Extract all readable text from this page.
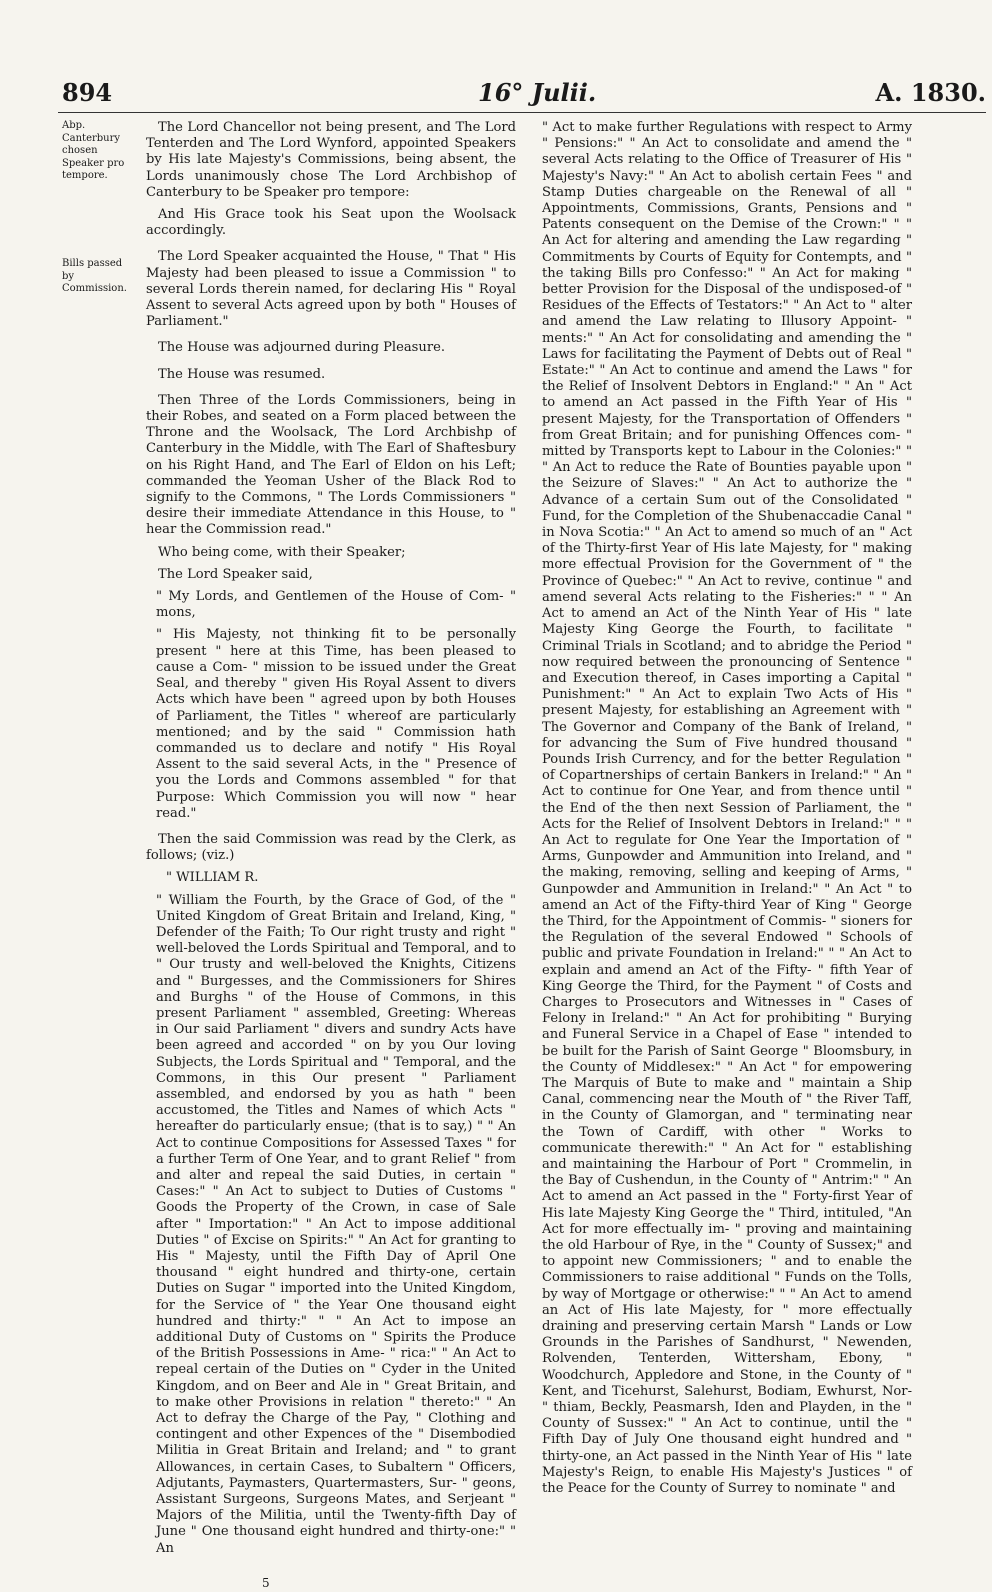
894	16° Julii.	A. 1830.
Abp. Canterbury chosen Speaker pro tempore.
Bills passed by Commission.

The Lord Chancellor not being present, and The Lord Tenterden and The Lord Wynford, appointed Speakers by His late Majesty's Commissions, being absent, the Lords unanimously chose The Lord Archbishop of Canterbury to be Speaker pro tempore:

And His Grace took his Seat upon the Woolsack accordingly.

The Lord Speaker acquainted the House, " That " His Majesty had been pleased to issue a Commission " to several Lords therein named, for declaring His " Royal Assent to several Acts agreed upon by both " Houses of Parliament."

The House was adjourned during Pleasure.

The House was resumed.

Then Three of the Lords Commissioners, being in their Robes, and seated on a Form placed between the Throne and the Woolsack, The Lord Archbishp of Canterbury in the Middle, with The Earl of Shaftesbury on his Right Hand, and The Earl of Eldon on his Left; commanded the Yeoman Usher of the Black Rod to signify to the Commons, " The Lords Commissioners " desire their immediate Attendance in this House, to " hear the Commission read."

Who being come, with their Speaker;

The Lord Speaker said,

" My Lords, and Gentlemen of the House of Com- " mons,

" His Majesty, not thinking fit to be personally present " here at this Time, has been pleased to cause a Com- " mission to be issued under the Great Seal, and thereby " given His Royal Assent to divers Acts which have been " agreed upon by both Houses of Parliament, the Titles " whereof are particularly mentioned; and by the said " Commission hath commanded us to declare and notify " His Royal Assent to the said several Acts, in the " Presence of you the Lords and Commons assembled " for that Purpose: Which Commission you will now " hear read."

Then the said Commission was read by the Clerk, as follows; (viz.)

" WILLIAM R.

" William the Fourth, by the Grace of God, of the " United Kingdom of Great Britain and Ireland, King, " Defender of the Faith; To Our right trusty and right " well-beloved the Lords Spiritual and Temporal, and to " Our trusty and well-beloved the Knights, Citizens and " Burgesses, and the Commissioners for Shires and Burghs " of the House of Commons, in this present Parliament " assembled, Greeting: Whereas in Our said Parliament " divers and sundry Acts have been agreed and accorded " on by you Our loving Subjects, the Lords Spiritual and " Temporal, and the Commons, in this Our present " Parliament assembled, and endorsed by you as hath " been accustomed, the Titles and Names of which Acts " hereafter do particularly ensue; (that is to say,) " " An Act to continue Compositions for Assessed Taxes " for a further Term of One Year, and to grant Relief " from and alter and repeal the said Duties, in certain " Cases:" " An Act to subject to Duties of Customs " Goods the Property of the Crown, in case of Sale after " Importation:" " An Act to impose additional Duties " of Excise on Spirits:" " An Act for granting to His " Majesty, until the Fifth Day of April One thousand " eight hundred and thirty-one, certain Duties on Sugar " imported into the United Kingdom, for the Service of " the Year One thousand eight hundred and thirty:" " " An Act to impose an additional Duty of Customs on " Spirits the Produce of the British Possessions in Ame- " rica:" " An Act to repeal certain of the Duties on " Cyder in the United Kingdom, and on Beer and Ale in " Great Britain, and to make other Provisions in relation " thereto:" " An Act to defray the Charge of the Pay, " Clothing and contingent and other Expences of the " Disembodied Militia in Great Britain and Ireland; and " to grant Allowances, in certain Cases, to Subaltern " Officers, Adjutants, Paymasters, Quartermasters, Sur- " geons, Assistant Surgeons, Surgeons Mates, and Serjeant " Majors of the Militia, until the Twenty-fifth Day of June " One thousand eight hundred and thirty-one:" " An

" Act to make further Regulations with respect to Army " Pensions:" " An Act to consolidate and amend the " several Acts relating to the Office of Treasurer of His " Majesty's Navy:" " An Act to abolish certain Fees " and Stamp Duties chargeable on the Renewal of all " Appointments, Commissions, Grants, Pensions and " Patents consequent on the Demise of the Crown:" " " An Act for altering and amending the Law regarding " Commitments by Courts of Equity for Contempts, and " the taking Bills pro Confesso:" " An Act for making " better Provision for the Disposal of the undisposed-of " Residues of the Effects of Testators:" " An Act to " alter and amend the Law relating to Illusory Appoint- " ments:" " An Act for consolidating and amending the " Laws for facilitating the Payment of Debts out of Real " Estate:" " An Act to continue and amend the Laws " for the Relief of Insolvent Debtors in England:" " An " Act to amend an Act passed in the Fifth Year of His " present Majesty, for the Transportation of Offenders " from Great Britain; and for punishing Offences com- " mitted by Transports kept to Labour in the Colonies:" " " An Act to reduce the Rate of Bounties payable upon " the Seizure of Slaves:" " An Act to authorize the " Advance of a certain Sum out of the Consolidated " Fund, for the Completion of the Shubenaccadie Canal " in Nova Scotia:" " An Act to amend so much of an " Act of the Thirty-first Year of His late Majesty, for " making more effectual Provision for the Government of " the Province of Quebec:" " An Act to revive, continue " and amend several Acts relating to the Fisheries:" " " An Act to amend an Act of the Ninth Year of His " late Majesty King George the Fourth, to facilitate " Criminal Trials in Scotland; and to abridge the Period " now required between the pronouncing of Sentence " and Execution thereof, in Cases importing a Capital " Punishment:" " An Act to explain Two Acts of His " present Majesty, for establishing an Agreement with " The Governor and Company of the Bank of Ireland, " for advancing the Sum of Five hundred thousand " Pounds Irish Currency, and for the better Regulation " of Copartnerships of certain Bankers in Ireland:" " An " Act to continue for One Year, and from thence until " the End of the then next Session of Parliament, the " Acts for the Relief of Insolvent Debtors in Ireland:" " " An Act to regulate for One Year the Importation of " Arms, Gunpowder and Ammunition into Ireland, and " the making, removing, selling and keeping of Arms, " Gunpowder and Ammunition in Ireland:" " An Act " to amend an Act of the Fifty-third Year of King " George the Third, for the Appointment of Commis- " sioners for the Regulation of the several Endowed " Schools of public and private Foundation in Ireland:" " " An Act to explain and amend an Act of the Fifty- " fifth Year of King George the Third, for the Payment " of Costs and Charges to Prosecutors and Witnesses in " Cases of Felony in Ireland:" " An Act for prohibiting " Burying and Funeral Service in a Chapel of Ease " intended to be built for the Parish of Saint George " Bloomsbury, in the County of Middlesex:" " An Act " for empowering The Marquis of Bute to make and " maintain a Ship Canal, commencing near the Mouth of " the River Taff, in the County of Glamorgan, and " terminating near the Town of Cardiff, with other " Works to communicate therewith:" " An Act for " establishing and maintaining the Harbour of Port " Crommelin, in the Bay of Cushendun, in the County of " Antrim:" " An Act to amend an Act passed in the " Forty-first Year of His late Majesty King George the " Third, intituled, "An Act for more effectually im- " proving and maintaining the old Harbour of Rye, in the " County of Sussex;" and to appoint new Commissioners; " and to enable the Commissioners to raise additional " Funds on the Tolls, by way of Mortgage or otherwise:" " " An Act to amend an Act of His late Majesty, for " more effectually draining and preserving certain Marsh " Lands or Low Grounds in the Parishes of Sandhurst, " Newenden, Rolvenden, Tenterden, Wittersham, Ebony, " Woodchurch, Appledore and Stone, in the County of " Kent, and Ticehurst, Salehurst, Bodiam, Ewhurst, Nor- " thiam, Beckly, Peasmarsh, Iden and Playden, in the " County of Sussex:" " An Act to continue, until the " Fifth Day of July One thousand eight hundred and " thirty-one, an Act passed in the Ninth Year of His " late Majesty's Reign, to enable His Majesty's Justices " of the Peace for the County of Surrey to nominate " and

5
